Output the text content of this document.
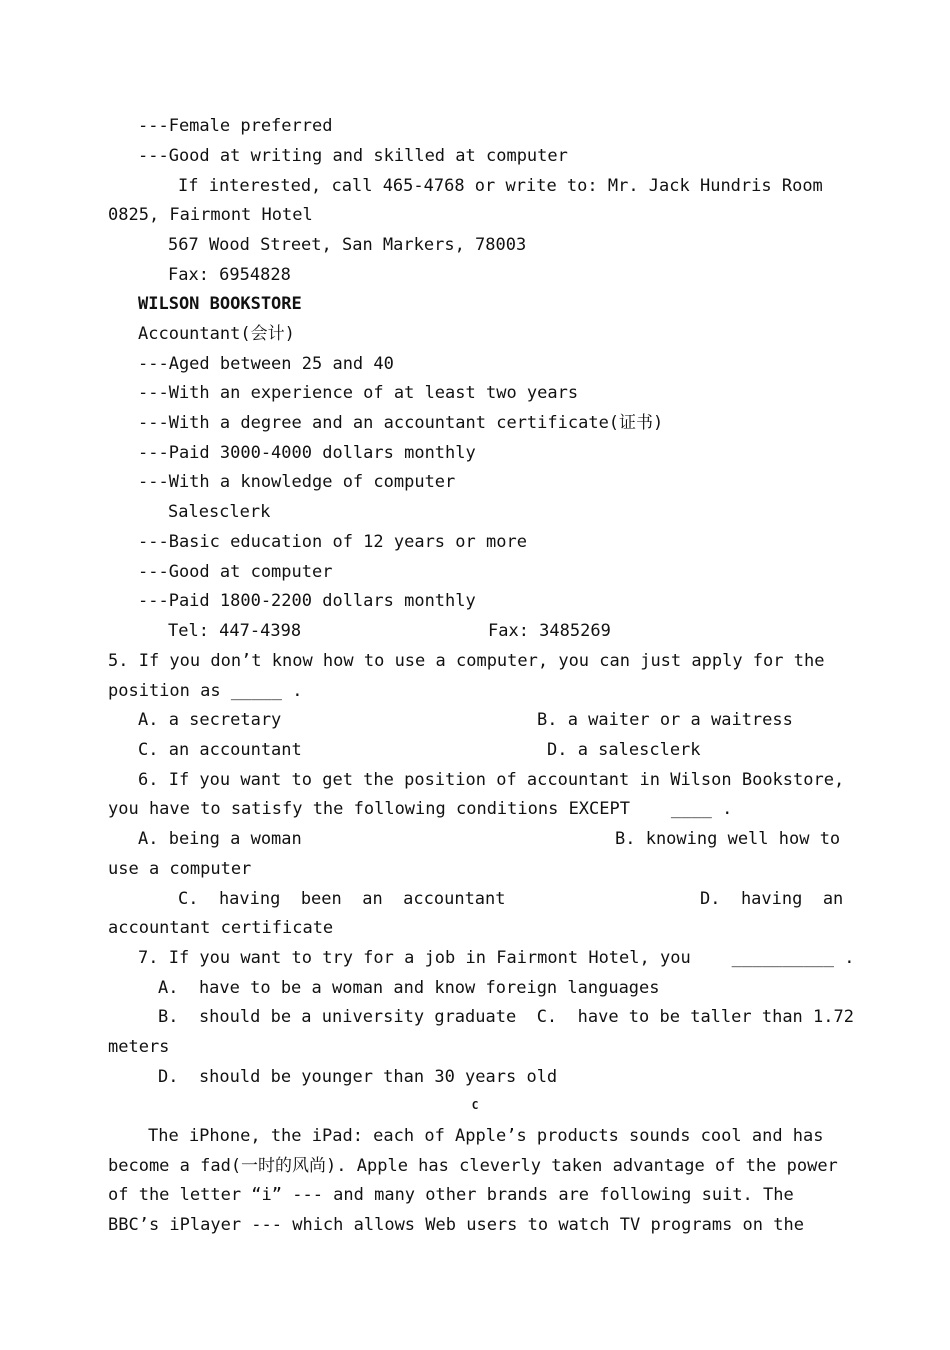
---Female preferred
---Good at writing and skilled at computer
If interested, call 465-4768 or write to: Mr. Jack Hundris Room
0825, Fairmont Hotel
567 Wood Street, San Markers, 78003
Fax: 6954828
WILSON BOOKSTORE
Accountant(会计)
---Aged between 25 and 40
---With an experience of at least two years
---With a degree and an accountant certificate(证书)
---Paid 3000-4000 dollars monthly
---With a knowledge of computer
Salesclerk
---Basic education of 12 years or more
---Good at computer
---Paid 1800-2200 dollars monthly
Tel: 447-4398	Fax: 3485269
5. If you don’t know how to use a computer, you can just apply for the
position as _____ .
A. a secretary	B. a waiter or a waitress
C. an accountant	D. a salesclerk
6. If you want to get the position of accountant in Wilson Bookstore,
you have to satisfy the following conditions EXCEPT    ____ .
A. being a woman	B. knowing well how to
use a computer
C.  having  been  an  accountant	D.  having  an
accountant certificate
7. If you want to try for a job in Fairmont Hotel, you    __________ .
A.  have to be a woman and know foreign languages
B.  should be a university graduate  C.  have to be taller than 1.72
meters
D.  should be younger than 30 years old
C
The iPhone, the iPad: each of Apple’s products sounds cool and has
become a fad(一时的风尚). Apple has cleverly taken advantage of the power
of the letter “i” --- and many other brands are following suit. The
BBC’s iPlayer --- which allows Web users to watch TV programs on the
